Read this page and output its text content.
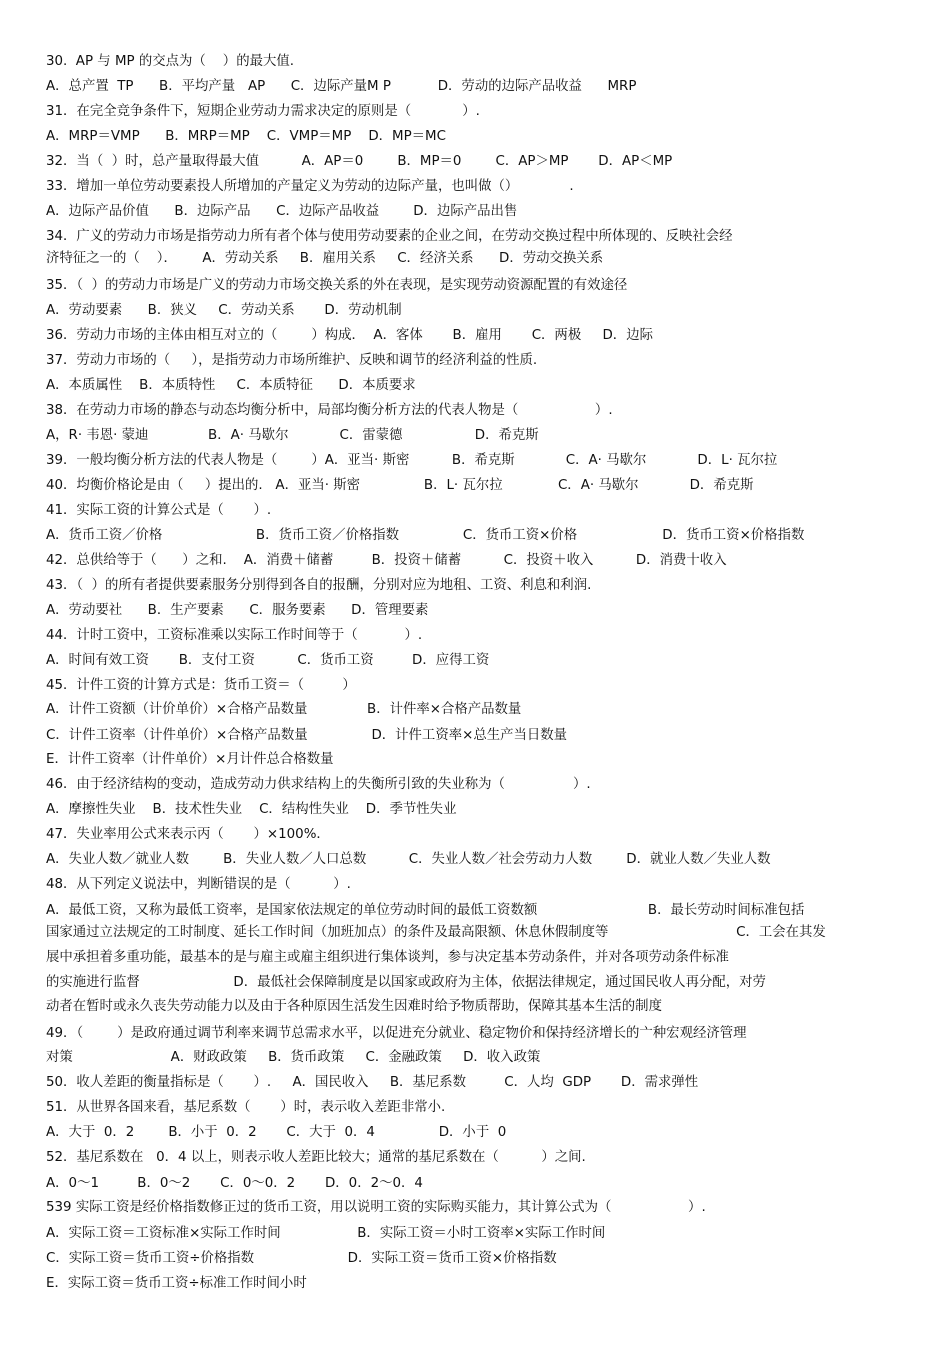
30.  AP 与 MP 的交点为（    ）的最大值.
A．总产置  TP      B．平均产量   AP      C．边际产量M P           D．劳动的边际产品收益      MRP
31．在完全竞争条件下，短期企业劳动力需求决定的原则是（            ）.
A．MRP＝VMP      B．MRP＝MP    C．VMP＝MP    D．MP＝MC
32．当（  ）时，总产量取得最大值          A．AP＝0        B．MP＝0        C．AP＞MP       D．AP＜MP
33．增加一单位劳动要素投人所增加的产量定义为劳动的边际产量，也叫做（）            .
A．边际产品价值      B．边际产品      C．边际产品收益        D．边际产品出售
34．广义的劳动力市场是指劳动力所有者个体与使用劳动要素的企业之间，在劳动交换过程中所体现的、反映社会经
济特征之一的（    ）．      A．劳动关系     B．雇用关系     C．经济关系      D．劳动交换关系
35．（  ）的劳动力市场是广义的劳动力市场交换关系的外在表现，是实现劳动资源配置的有效途径
A．劳动要素      B．狭义     C．劳动关系       D．劳动机制
36．劳动力市场的主体由相互对立的（        ）构成．  A．客体       B．雇用       C．两极     D．边际
37．劳动力市场的（     ），是指劳动力市场所维护、反映和调节的经济利益的性质.
A．本质属性    B．本质特性     C．本质特征      D．本质要求
38．在劳动力市场的静态与动态均衡分析中，局部均衡分析方法的代表人物是（                  ）.
A，R· 韦恩· 蒙迪              B．A· 马歇尔            C．雷蒙德                 D．希克斯
39．一般均衡分析方法的代表人物是（        ）A．亚当· 斯密          B．希克斯            C．A· 马歇尔            D．L· 瓦尔拉
40．均衡价格论是由（     ）提出的.   A．亚当· 斯密               B．L· 瓦尔拉             C．A· 马歇尔            D．希克斯
41．实际工资的计算公式是（       ）.
A．货币工资／价格                      B．货币工资／价格指数               C．货币工资×价格                    D．货币工资×价格指数
42．总供给等于（      ）之和.    A．消费＋储蓄         B．投资＋储蓄          C．投资＋收入          D．消费十收入
43．（  ）的所有者提供要素服务分别得到各自的报酬，分别对应为地租、工资、利息和利润.
A．劳动要社      B．生产要素      C．服务要素      D．管理要素
44．计时工资中，工资标准乘以实际工作时间等于（           ）.
A．时间有效工资       B．支付工资          C．货币工资         D．应得工资
45．计件工资的计算方式是：货币工资＝（         ）
A．计件工资额（计价单价）×合格产品数量              B．计件率×合格产品数量
C．计件工资率（计件单价）×合格产品数量               D．计件工资率×总生产当日数量
E．计件工资率（计件单价）×月计件总合格数量
46．由于经济结构的变动，造成劳动力供求结构上的失衡所引致的失业称为（                ）.
A．摩擦性失业    B．技术性失业    C．结构性失业    D．季节性失业
47．失业率用公式来表示丙（       ）×100%．
A．失业人数／就业人数        B．失业人数／人口总数          C．失业人数／社会劳动力人数        D．就业人数／失业人数
48．从下列定义说法中，判断错误的是（          ）.
A．最低工资，又称为最低工资率，是国家依法规定的单位劳动时间的最低工资数额                          B．最长劳动时间标准包括
国家通过立法规定的工时制度、延长工作时间（加班加点）的条件及最高限额、休息休假制度等                              C．工会在其发
展中承担着多重功能，最基本的是与雇主或雇主组织进行集体谈判，参与决定基本劳动条件，并对各项劳动条件标准
的实施进行监督                      D．最低社会保障制度是以国家或政府为主体，依据法律规定，通过国民收人再分配，对劳
动者在暂时或永久丧失劳动能力以及由于各种原因生活发生因难时给予物质帮助，保障其基本生活的制度
49．（        ）是政府通过调节利率来调节总需求水平，以促进充分就业、稳定物价和保持经济增长的亠种宏观经济管理
对策                       A．财政政策     B．货币政策     C．金融政策     D．收入政策
50．收人差距的衡量指标是（       ）.     A．国民收入     B．基尼系数         C．人均  GDP       D．需求弹性
51．从世界各国来看，基尼系数（       ）时，表示收入差距非常小.
A．大于  0．2        B．小于  0．2       C．大于  0．4               D．小于  0
52．基尼系数在   0．4 以上，则表示收人差距比较大；通常的基尼系数在（          ）之间.
A．0～1         B．0～2       C．0～0．2       D．0．2～0．4
539 实际工资是经价格指数修正过的货币工资，用以说明工资的实际购买能力，其计算公式为（                  ）.
A．实际工资＝工资标准×实际工作时间                  B．实际工资＝小时工资率×实际工作时间
C．实际工资＝货币工资÷价格指数                      D．实际工资＝货币工资×价格指数
E．实际工资＝货币工资÷标准工作时间小时
